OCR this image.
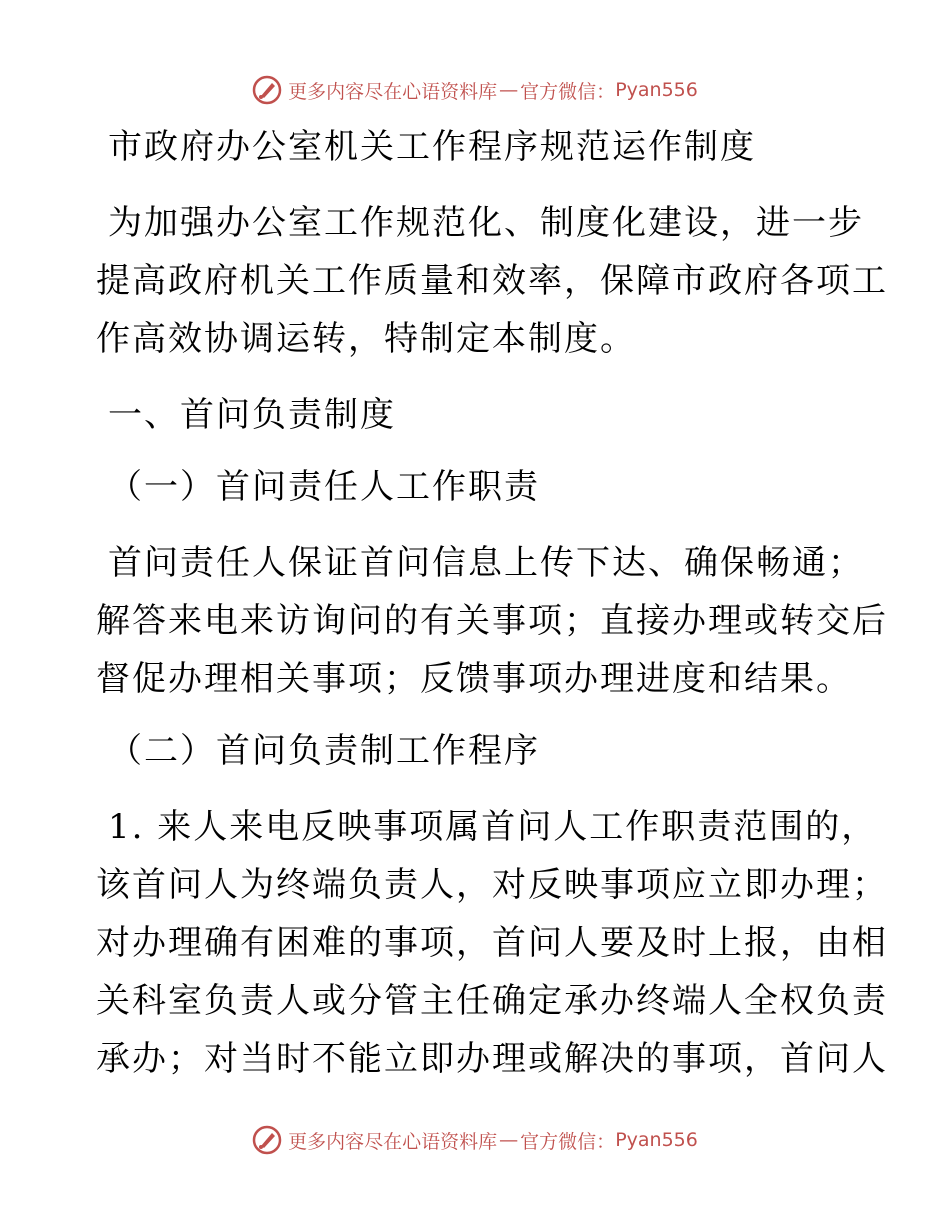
更多内容尽在心语资料库 — 官方微信： Pyan556
市政府办公室机关工作程序规范运作制度
为加强办公室工作规范化、制度化建设，进一步
提高政府机关工作质量和效率，保障市政府各项工
作高效协调运转，特制定本制度。
一、首问负责制度
（一）首问责任人工作职责
首问责任人保证首问信息上传下达、确保畅通；
解答来电来访询问的有关事项；直接办理或转交后
督促办理相关事项；反馈事项办理进度和结果。
（二）首问负责制工作程序
1. 来人来电反映事项属首问人工作职责范围的，
该首问人为终端负责人，对反映事项应立即办理；
对办理确有困难的事项，首问人要及时上报，由相
关科室负责人或分管主任确定承办终端人全权负责
承办；对当时不能立即办理或解决的事项，首问人
更多内容尽在心语资料库 — 官方微信： Pyan556
